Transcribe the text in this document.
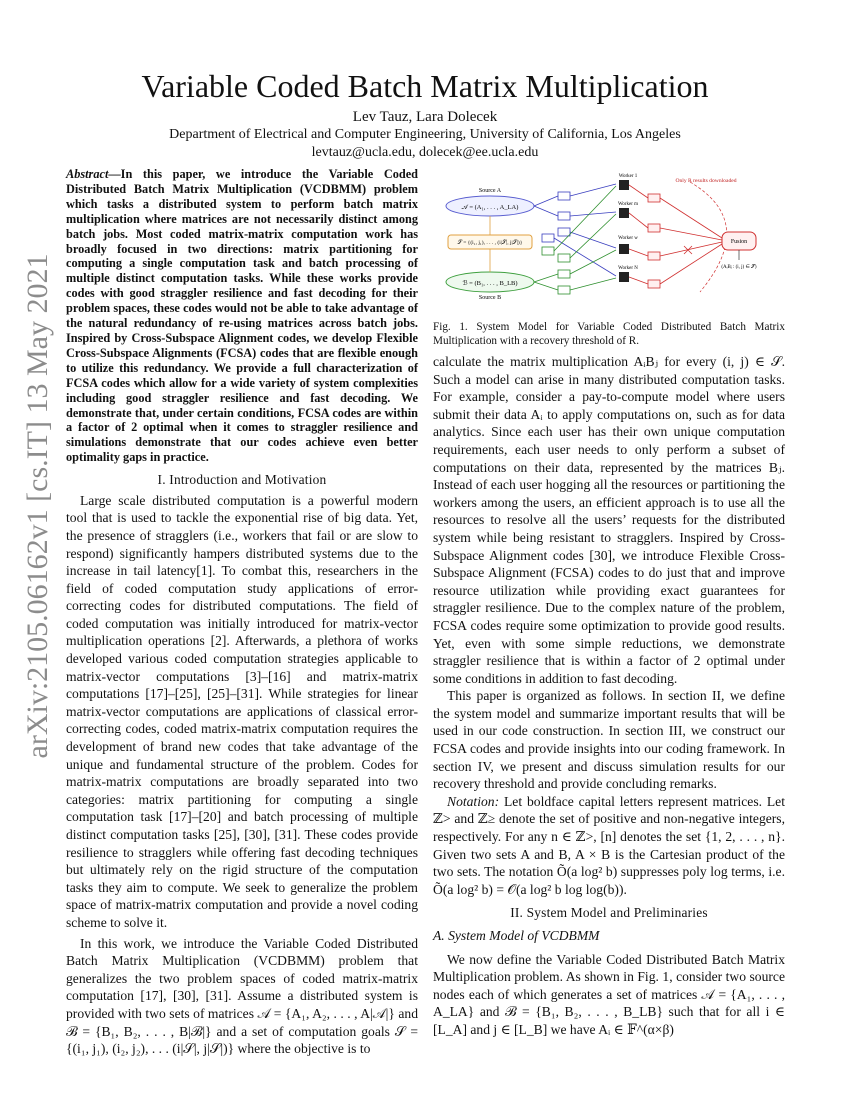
arXiv:2105.06162v1 [cs.IT] 13 May 2021
Variable Coded Batch Matrix Multiplication
Lev Tauz, Lara Dolecek
Department of Electrical and Computer Engineering, University of California, Los Angeles
levtauz@ucla.edu, dolecek@ee.ucla.edu

Abstract—In this paper, we introduce the Variable Coded Distributed Batch Matrix Multiplication (VCDBMM) problem which tasks a distributed system to perform batch matrix multiplication where matrices are not necessarily distinct among batch jobs. Most coded matrix-matrix computation work has broadly focused in two directions: matrix partitioning for computing a single computation task and batch processing of multiple distinct computation tasks. While these works provide codes with good straggler resilience and fast decoding for their problem spaces, these codes would not be able to take advantage of the natural redundancy of re-using matrices across batch jobs. Inspired by Cross-Subspace Alignment codes, we develop Flexible Cross-Subspace Alignments (FCSA) codes that are flexible enough to utilize this redundancy. We provide a full characterization of FCSA codes which allow for a wide variety of system complexities including good straggler resilience and fast decoding. We demonstrate that, under certain conditions, FCSA codes are within a factor of 2 optimal when it comes to straggler resilience and simulations demonstrate that our codes achieve even better optimality gaps in practice.

I. Introduction and Motivation

Large scale distributed computation is a powerful modern tool that is used to tackle the exponential rise of big data. Yet, the presence of stragglers (i.e., workers that fail or are slow to respond) significantly hampers distributed systems due to the increase in tail latency[1]. To combat this, researchers in the field of coded computation study applications of error-correcting codes for distributed computations. The field of coded computation was initially introduced for matrix-vector multiplication operations [2]. Afterwards, a plethora of works developed various coded computation strategies applicable to matrix-vector computations [3]–[16] and matrix-matrix computations [17]–[25], [25]–[31]. While strategies for linear matrix-vector computations are applications of classical error-correcting codes, coded matrix-matrix computation requires the development of brand new codes that take advantage of the unique and fundamental structure of the problem. Codes for matrix-matrix computations are broadly separated into two categories: matrix partitioning for computing a single computation task [17]–[20] and batch processing of multiple distinct computation tasks [25], [30], [31]. These codes provide resilience to stragglers while offering fast decoding techniques but ultimately rely on the rigid structure of the computation tasks they aim to compute. We seek to generalize the problem space of matrix-matrix computation and provide a novel coding scheme to solve it.

In this work, we introduce the Variable Coded Distributed Batch Matrix Multiplication (VCDBMM) problem that generalizes the two problem spaces of coded matrix-matrix computation [17], [30], [31]. Assume a distributed system is provided with two sets of matrices 𝒜 = {A₁, A₂, . . . , A|𝒜|} and ℬ = {B₁, B₂, . . . , B|ℬ|} and a set of computation goals 𝒮 = {(i₁, j₁), (i₂, j₂), . . . (i|𝒮|, j|𝒮|)} where the objective is to

𝒜 = (A₁, . . . , A_LA)
Source A
𝒮 = {(i₁, j₁), . . . , (i|𝒮|, j|𝒮|)}
ℬ = (B₁, . . . , B_LB)
Source B
Worker 1
Worker m
Worker w
Worker N
Only R results downloaded
Fusion
(AᵢBⱼ : (i, j) ∈ 𝒮)
Fig. 1. System Model for Variable Coded Distributed Batch Matrix Multiplication with a recovery threshold of R.

calculate the matrix multiplication AᵢBⱼ for every (i, j) ∈ 𝒮. Such a model can arise in many distributed computation tasks. For example, consider a pay-to-compute model where users submit their data Aᵢ to apply computations on, such as for data analytics. Since each user has their own unique computation requirements, each user needs to only perform a subset of computations on their data, represented by the matrices Bⱼ. Instead of each user hogging all the resources or partitioning the workers among the users, an efficient approach is to use all the resources to resolve all the users’ requests for the distributed system while being resistant to stragglers. Inspired by Cross-Subspace Alignment codes [30], we introduce Flexible Cross-Subspace Alignment (FCSA) codes to do just that and improve resource utilization while providing exact guarantees for straggler resilience. Due to the complex nature of the problem, FCSA codes require some optimization to provide good results. Yet, even with some simple reductions, we demonstrate straggler resilience that is within a factor of 2 optimal under some conditions in addition to fast decoding.

This paper is organized as follows. In section II, we define the system model and summarize important results that will be used in our code construction. In section III, we construct our FCSA codes and provide insights into our coding framework. In section IV, we present and discuss simulation results for our recovery threshold and provide concluding remarks.

Notation: Let boldface capital letters represent matrices. Let ℤ> and ℤ≥ denote the set of positive and non-negative integers, respectively. For any n ∈ ℤ>, [n] denotes the set {1, 2, . . . , n}. Given two sets A and B, A × B is the Cartesian product of the two sets. The notation Õ(a log² b) suppresses poly log terms, i.e. Õ(a log² b) = 𝒪(a log² b log log(b)).

II. System Model and Preliminaries
A. System Model of VCDBMM

We now define the Variable Coded Distributed Batch Matrix Multiplication problem. As shown in Fig. 1, consider two source nodes each of which generates a set of matrices 𝒜 = {A₁, . . . , A_LA} and ℬ = {B₁, B₂, . . . , B_LB} such that for all i ∈ [L_A] and j ∈ [L_B] we have Aᵢ ∈ 𝔽^(α×β)
